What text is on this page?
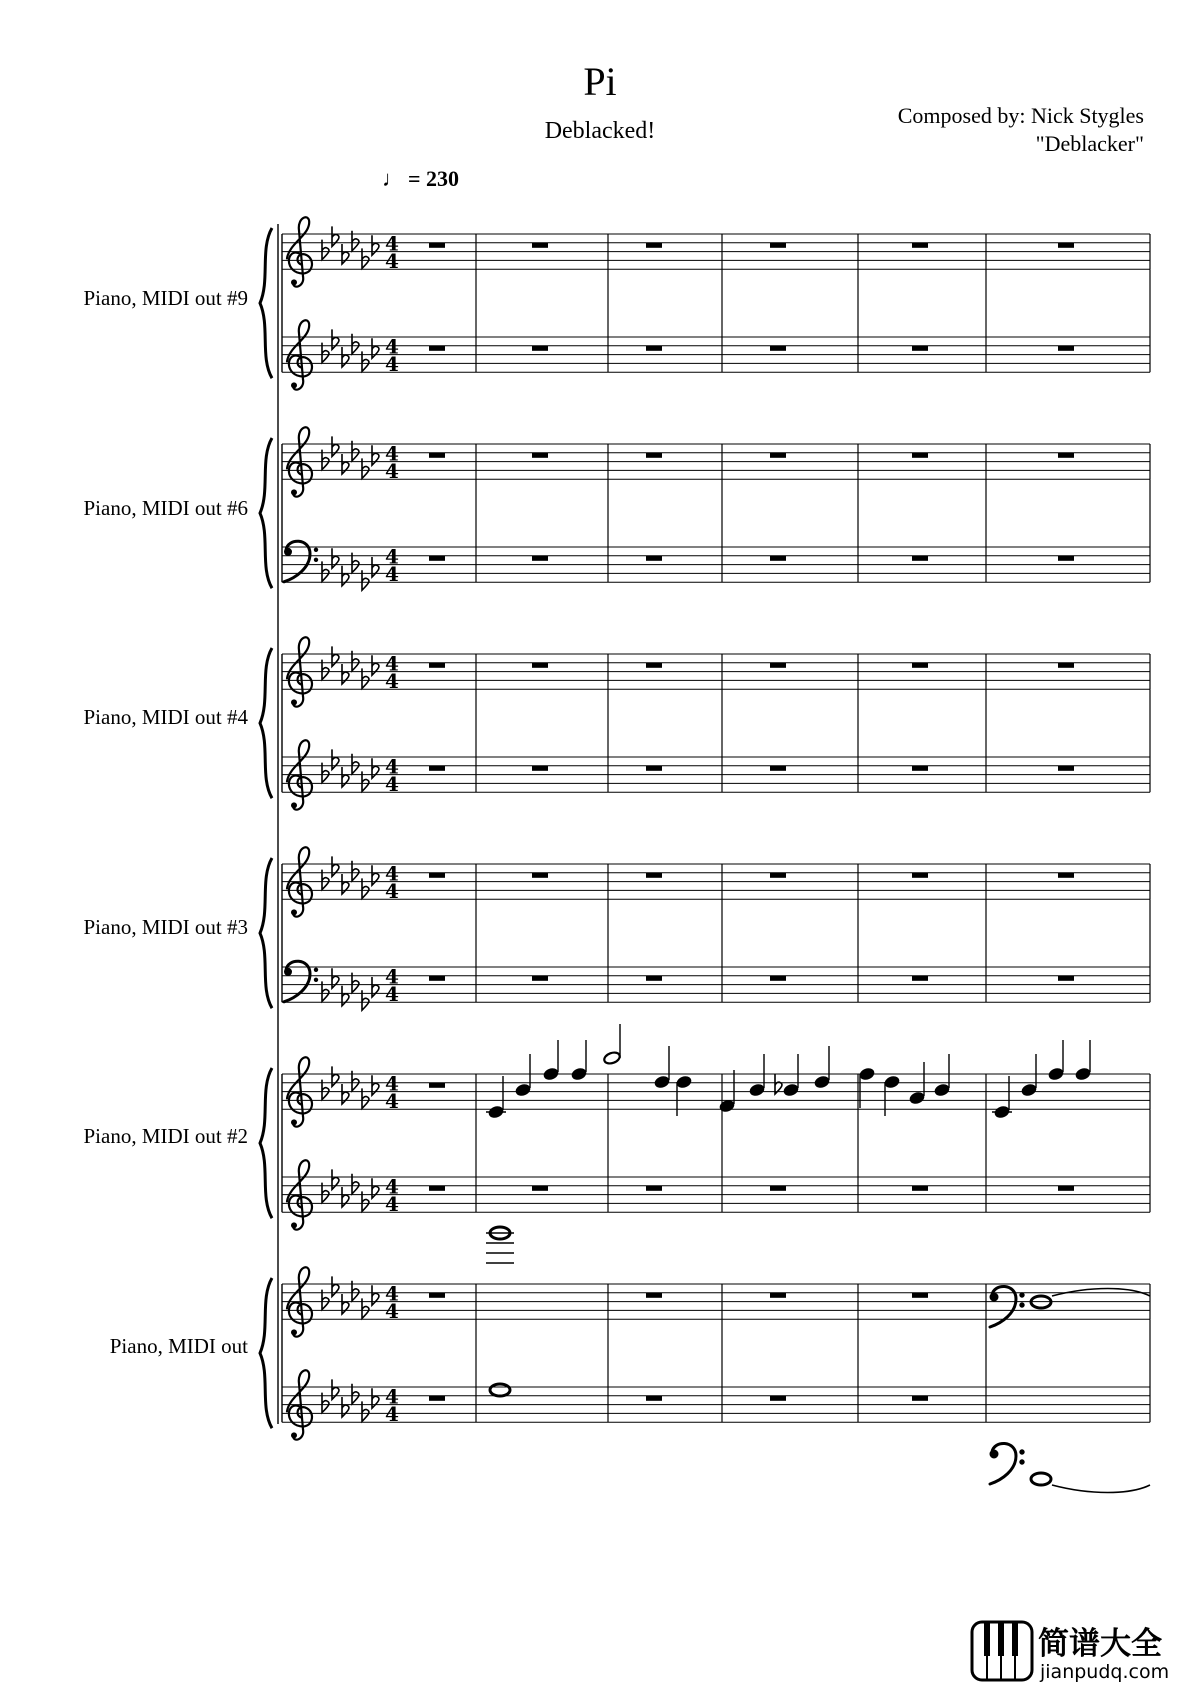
Pi
Deblacked!
Composed by: Nick Stygles
"Deblacker"
♩ = 230
Piano, MIDI out #9
Piano, MIDI out #6
Piano, MIDI out #4
Piano, MIDI out #3
Piano, MIDI out #2
Piano, MIDI out
4
4
4
4
4
4
4
4
4
4
4
4
4
4
4
4
4
4
4
4
4
4
4
4
简谱大全
jianpudq.com
